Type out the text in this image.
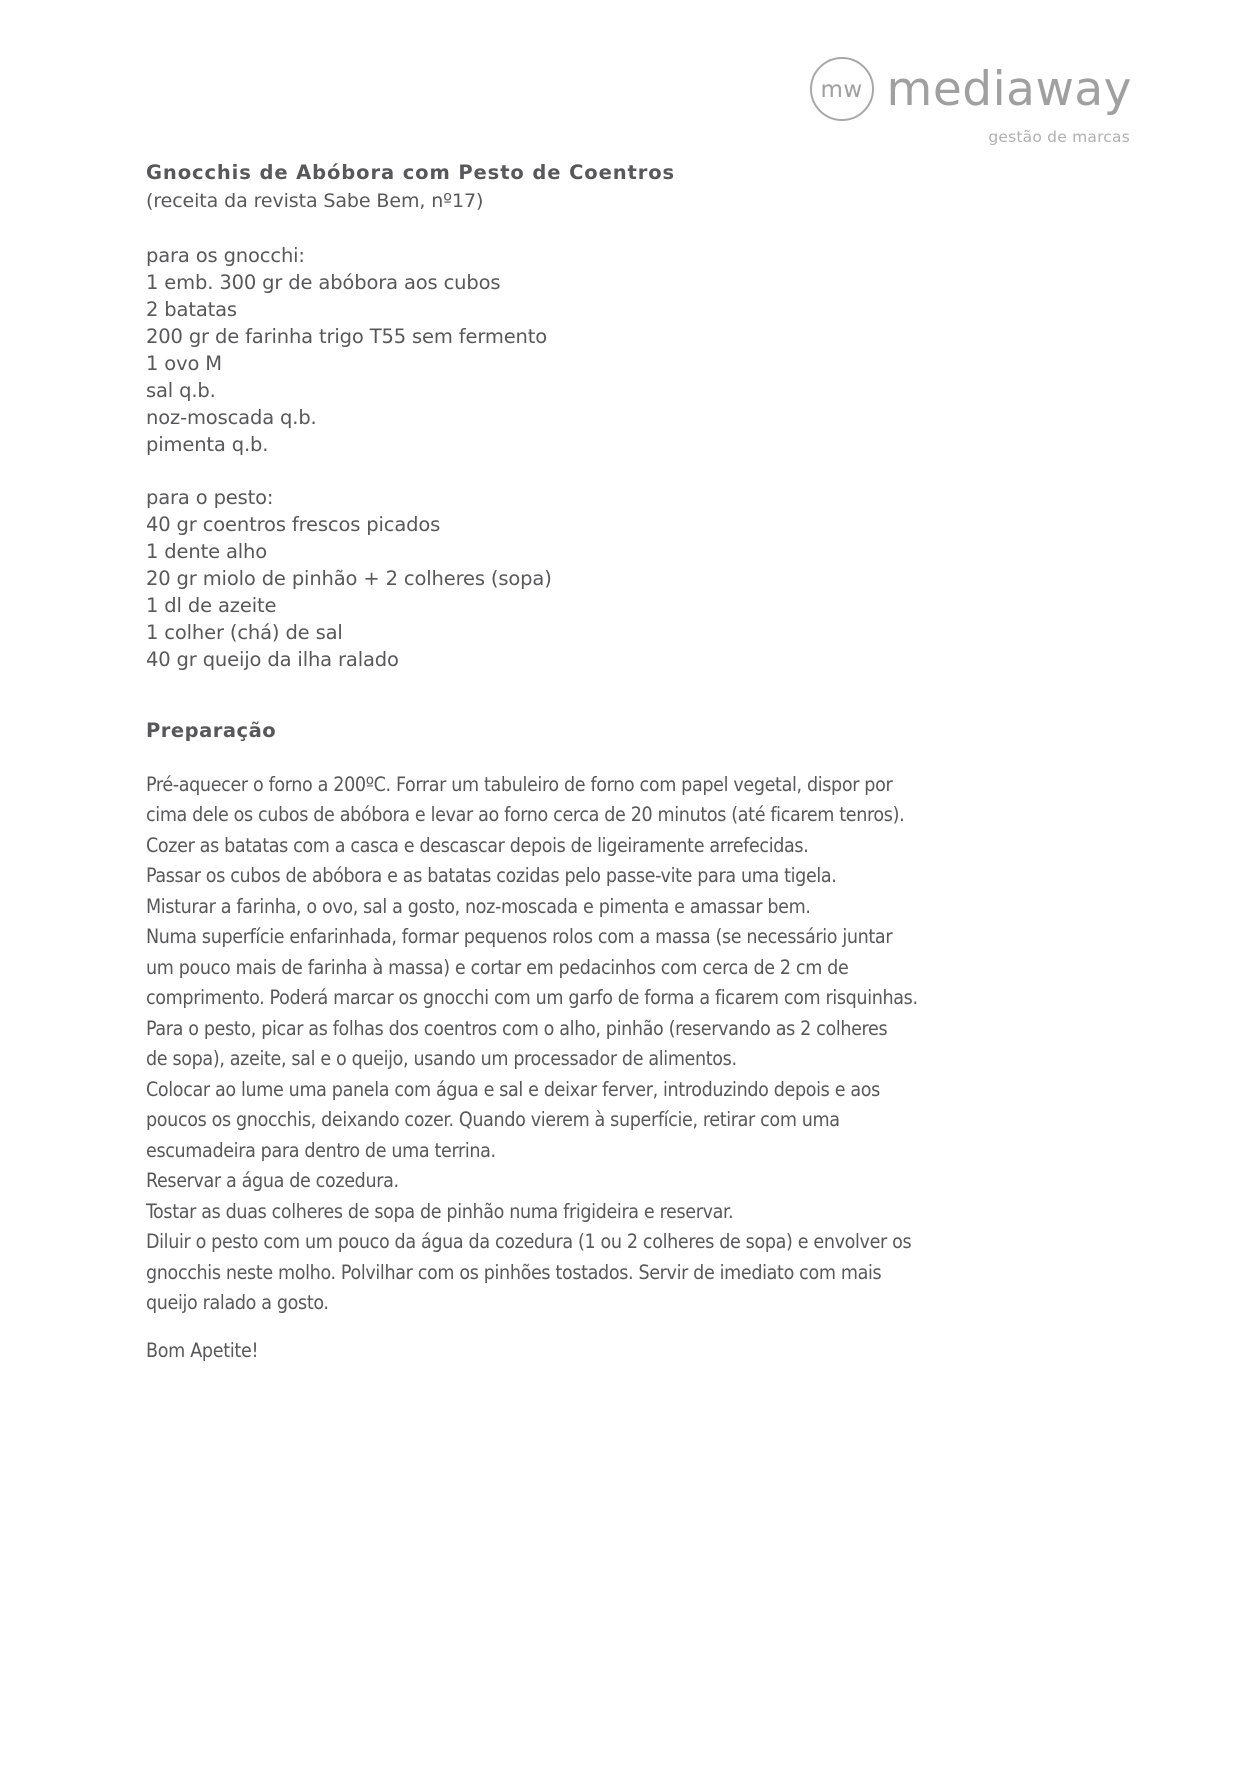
mw mediaway
gestão de marcas
Gnocchis de Abóbora com Pesto de Coentros

(receita da revista Sabe Bem, nº17)

para os gnocchi:
1 emb. 300 gr de abóbora aos cubos
2 batatas
200 gr de farinha trigo T55 sem fermento
1 ovo M
sal q.b.
noz-moscada q.b.
pimenta q.b.
para o pesto:
40 gr coentros frescos picados
1 dente alho
20 gr miolo de pinhão + 2 colheres (sopa)
1 dl de azeite
1 colher (chá) de sal
40 gr queijo da ilha ralado
Preparação

Pré-aquecer o forno a 200ºC. Forrar um tabuleiro de forno com papel vegetal, dispor por

cima dele os cubos de abóbora e levar ao forno cerca de 20 minutos (até ficarem tenros).

Cozer as batatas com a casca e descascar depois de ligeiramente arrefecidas.

Passar os cubos de abóbora e as batatas cozidas pelo passe-vite para uma tigela.

Misturar a farinha, o ovo, sal a gosto, noz-moscada e pimenta e amassar bem.

Numa superfície enfarinhada, formar pequenos rolos com a massa (se necessário juntar

um pouco mais de farinha à massa) e cortar em pedacinhos com cerca de 2 cm de

comprimento. Poderá marcar os gnocchi com um garfo de forma a ficarem com risquinhas.

Para o pesto, picar as folhas dos coentros com o alho, pinhão (reservando as 2 colheres

de sopa), azeite, sal e o queijo, usando um processador de alimentos.

Colocar ao lume uma panela com água e sal e deixar ferver, introduzindo depois e aos

poucos os gnocchis, deixando cozer. Quando vierem à superfície, retirar com uma

escumadeira para dentro de uma terrina.

Reservar a água de cozedura.

Tostar as duas colheres de sopa de pinhão numa frigideira e reservar.

Diluir o pesto com um pouco da água da cozedura (1 ou 2 colheres de sopa) e envolver os

gnocchis neste molho. Polvilhar com os pinhões tostados. Servir de imediato com mais

queijo ralado a gosto.

Bom Apetite!
